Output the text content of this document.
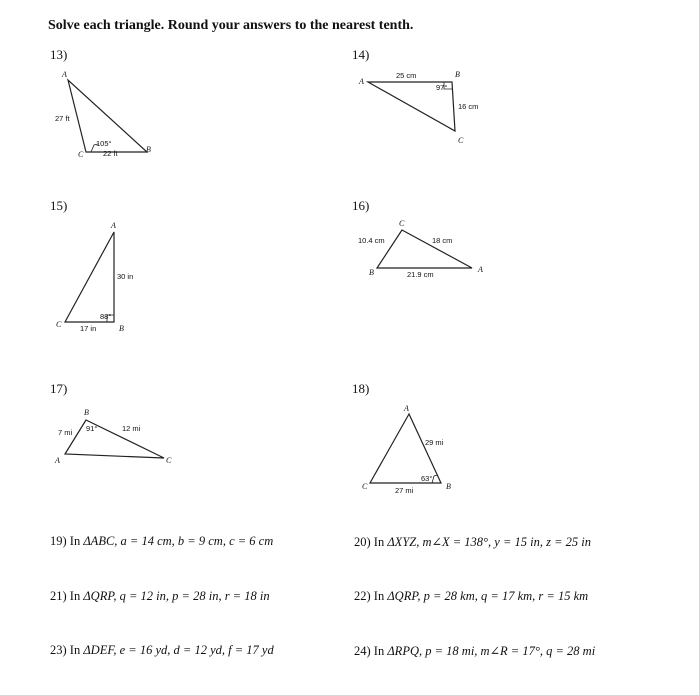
Solve each triangle. Round your answers to the nearest tenth.
13)
A
C
B
27 ft
22 ft
105°
14)
A
B
C
25 cm
16 cm
97°
15)
A
C	B
30 in
17 in
88°
16)
C
B	A
10.4 cm	18 cm
21.9 cm
17)
B
A	C
7 mi	12 mi
91°
18)
A
C	B
29 mi
27 mi
63°
19) In ΔABC, a = 14 cm, b = 9 cm, c = 6 cm	20) In ΔXYZ, m∠X = 138°, y = 15 in, z = 25 in
21) In ΔQRP, q = 12 in, p = 28 in, r = 18 in	22) In ΔQRP, p = 28 km, q = 17 km, r = 15 km
23) In ΔDEF, e = 16 yd, d = 12 yd, f = 17 yd	24) In ΔRPQ, p = 18 mi, m∠R = 17°, q = 28 mi
